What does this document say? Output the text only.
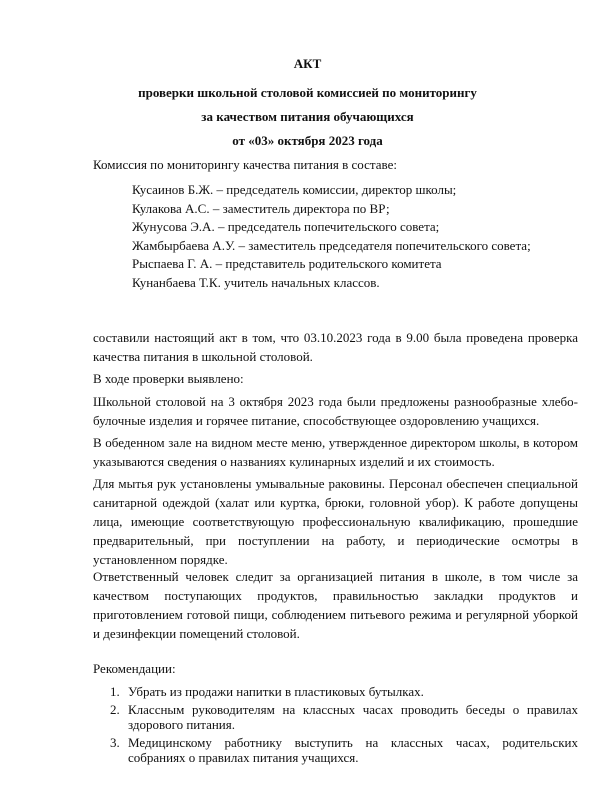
АКТ
проверки школьной столовой комиссией по мониторингу
за качеством питания обучающихся
от «03» октября 2023 года
Комиссия по мониторингу качества питания в составе:
Кусаинов Б.Ж. – председатель комиссии, директор школы;
Кулакова А.С. – заместитель директора по ВР;
Жунусова Э.А. – председатель попечительского совета;
Жамбырбаева А.У. – заместитель председателя попечительского совета;
Рыспаева Г. А. – представитель родительского комитета
Кунанбаева Т.К. учитель начальных классов.

составили настоящий акт в том, что 03.10.2023 года в 9.00 была проведена проверка качества питания в школьной столовой.

В ходе проверки выявлено:

Школьной столовой на 3 октября 2023 года были предложены разнообразные хлебо-булочные изделия и горячее питание, способствующее оздоровлению учащихся.

В обеденном зале на видном месте меню, утвержденное директором школы, в котором указываются сведения о названиях кулинарных изделий и их стоимость.

Для мытья рук установлены умывальные раковины. Персонал обеспечен специальной санитарной одеждой (халат или куртка, брюки, головной убор). К работе допущены лица, имеющие соответствующую профессиональную квалификацию, прошедшие предварительный, при поступлении на работу, и периодические осмотры в установленном порядке.

Ответственный человек следит за организацией питания в школе, в том числе за качеством поступающих продуктов, правильностью закладки продуктов и приготовлением готовой пищи, соблюдением питьевого режима и регулярной уборкой и дезинфекции помещений столовой.

Рекомендации:
1. Убрать из продажи напитки в пластиковых бутылках.
2. Классным руководителям на классных часах проводить беседы о правилах здорового питания.
3. Медицинскому работнику выступить на классных часах, родительских собраниях о правилах питания учащихся.
